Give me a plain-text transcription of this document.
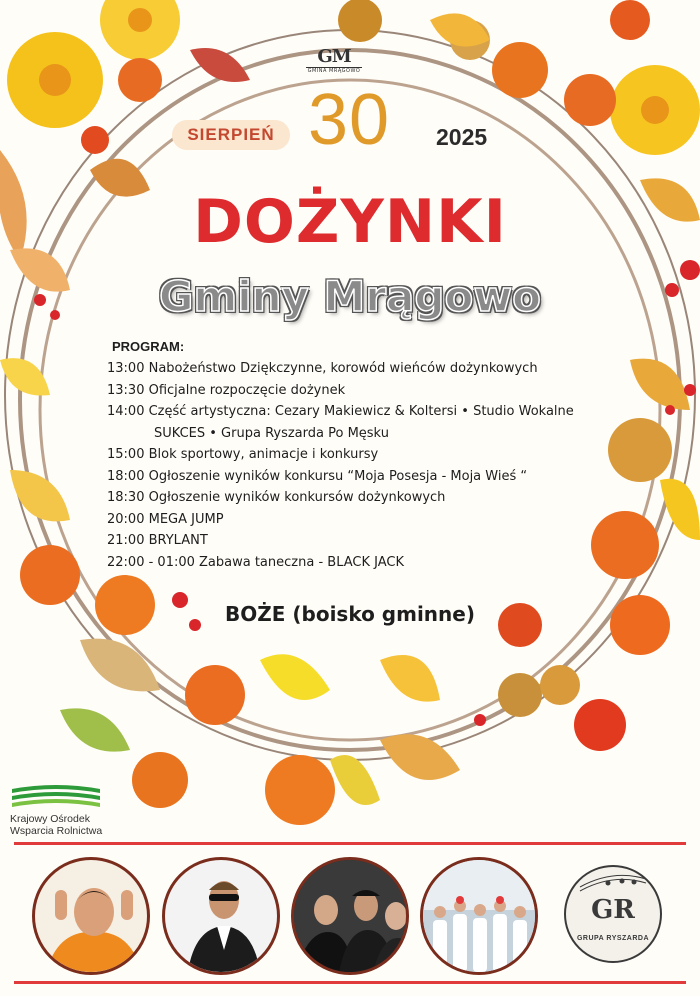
GM
GMINA MRĄGOWO
SIERPIEŃ 30 2025
DOŻYNKI
Gminy Mrągowo
PROGRAM:
13:00 Nabożeństwo Dziękczynne, korowód wieńców dożynkowych
13:30 Oficjalne rozpoczęcie dożynek
14:00 Część artystyczna: Cezary Makiewicz & Koltersi • Studio Wokalne
SUKCES • Grupa Ryszarda Po Męsku
15:00 Blok sportowy, animacje i konkursy
18:00 Ogłoszenie wyników konkursu “Moja Posesja - Moja Wieś “
18:30 Ogłoszenie wyników konkursów dożynkowych
20:00 MEGA JUMP
21:00 BRYLANT
22:00 - 01:00 Zabawa taneczna - BLACK JACK
BOŻE (boisko gminne)
Krajowy Ośrodek
Wsparcia Rolnictwa
GR
GRUPA RYSZARDA
